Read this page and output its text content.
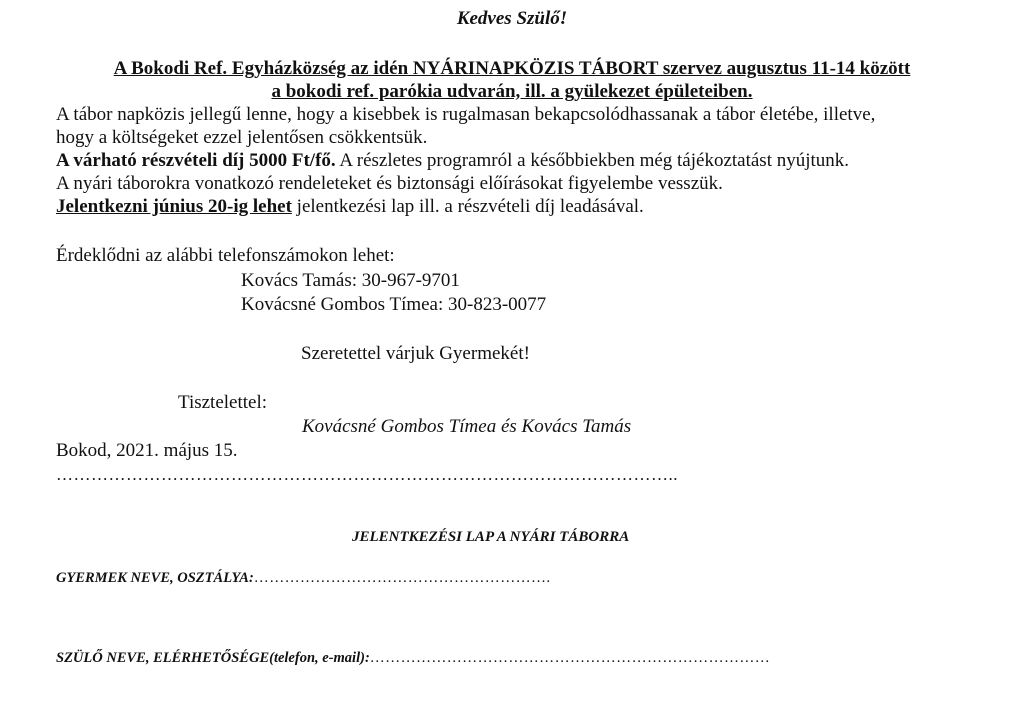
Kedves Szülő!
A Bokodi Ref. Egyházközség az idén NYÁRINAPKÖZIS TÁBORT szervez augusztus 11-14 között
a bokodi ref. parókia udvarán, ill. a gyülekezet épületeiben.
A tábor napközis jellegű lenne, hogy a kisebbek is rugalmasan bekapcsolódhassanak a tábor életébe, illetve,
hogy a költségeket ezzel jelentősen csökkentsük.
A várható részvételi díj 5000 Ft/fő. A részletes programról a későbbiekben még tájékoztatást nyújtunk.
A nyári táborokra vonatkozó rendeleteket és biztonsági előírásokat figyelembe vesszük.
Jelentkezni június 20-ig lehet jelentkezési lap ill. a részvételi díj leadásával.
Érdeklődni az alábbi telefonszámokon lehet:
Kovács Tamás: 30-967-9701
Kovácsné Gombos Tímea: 30-823-0077
Szeretettel várjuk Gyermekét!
Tisztelettel:
Kovácsné Gombos Tímea és Kovács Tamás
Bokod, 2021. május 15.
……………………………………………………………………………………………..
JELENTKEZÉSI LAP A NYÁRI TÁBORRA
GYERMEK NEVE, OSZTÁLYA:………………………………………………….
SZÜLŐ NEVE, ELÉRHETŐSÉGE(telefon, e-mail):……………………………………………………………………
